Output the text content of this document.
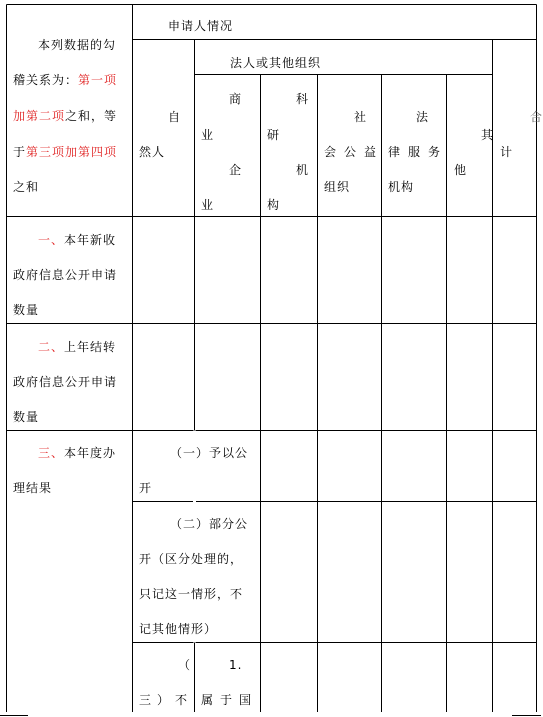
本列数据的勾
稽关系为：第一项
加第二项之和，等
于第三项加第四项
之和
申请人情况
法人或其他组织
自
然人
商
业
企
业
科
研
机
构
社
会公益
组织
法
律服务
机构
其
他
合
计
一、本年新收
政府信息公开申请
数量
二、上年结转
政府信息公开申请
数量
三、本年度办
理结果
（一）予以公
开
（二）部分公
开（区分处理的，
只记这一情形，不
记其他情形）
（
三）不
1.
属于国
